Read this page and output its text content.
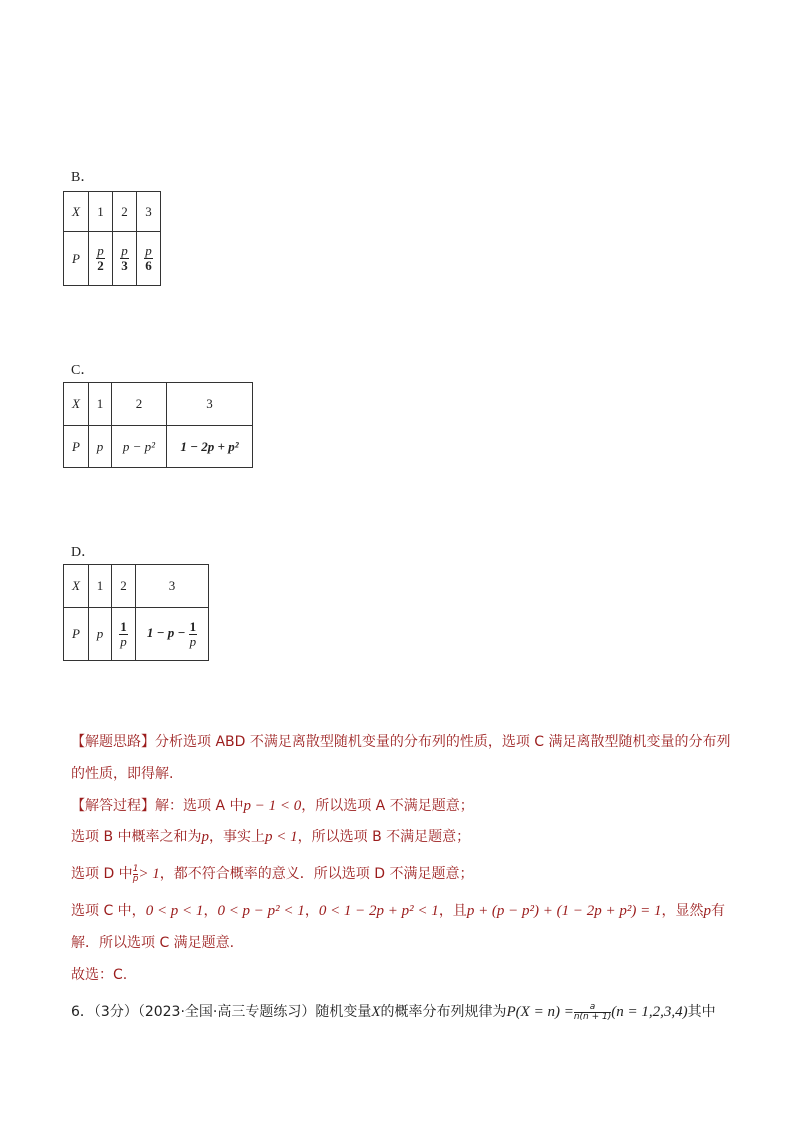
B．
X	1	2	3
P	$\frac{p}{2}$	$\frac{p}{3}$	$\frac{p}{6}$
C．
X	1	2	3
P	p	p − p²	1 − 2p + p²
D．
X	1	2	3
P	p	$\frac{1}{p}$	$1 - p - \frac{1}{p}$
【解题思路】分析选项 ABD 不满足离散型随机变量的分布列的性质，选项 C 满足离散型随机变量的分布列
的性质，即得解.
【解答过程】解：选项 A 中p − 1 < 0，所以选项 A 不满足题意；
选项 B 中概率之和为p，事实上p < 1，所以选项 B 不满足题意；
选项 D 中 $\frac{1}{p} > 1$，都不符合概率的意义．所以选项 D 不满足题意；
选项 C 中，0 < p < 1，0 < p − p² < 1，0 < 1 − 2p + p² < 1，且p + (p − p²) + (1 − 2p + p²) = 1，显然p有
解．所以选项 C 满足题意.
故选：C.
6．（3分）（2023·全国·高三专题练习）随机变量X的概率分布列规律为$P(X = n) = \frac{a}{n(n + 1)} (n = 1,2,3,4)$其中
